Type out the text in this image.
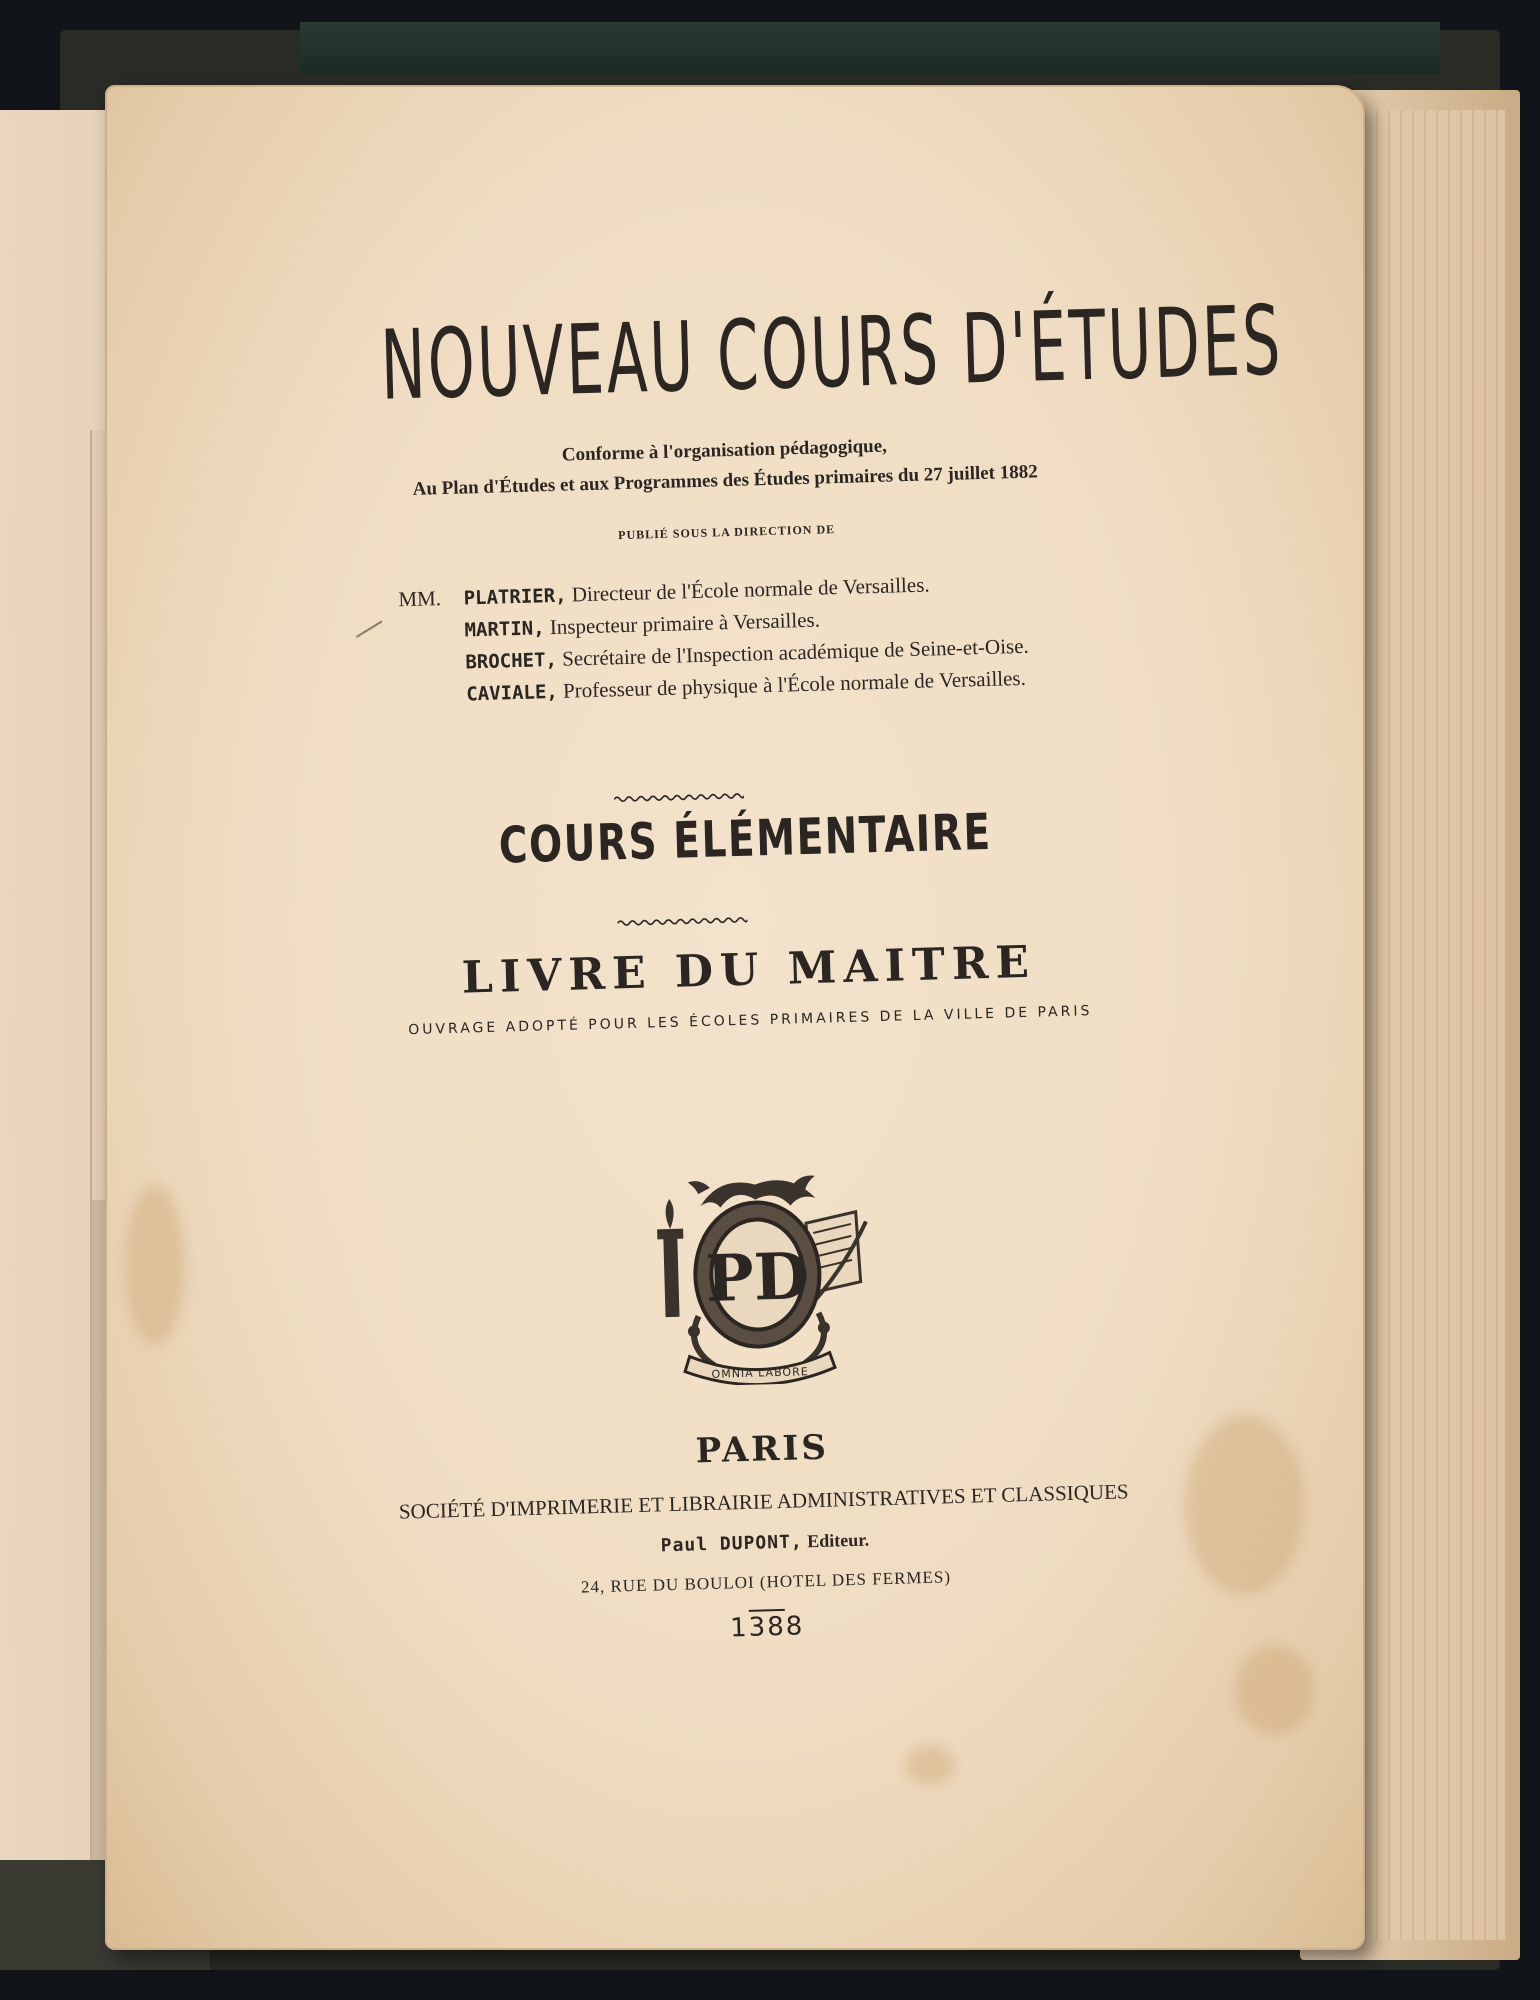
NOUVEAU COURS D'ÉTUDES

Conforme à l'organisation pédagogique,

Au Plan d'Études et aux Programmes des Études primaires du 27 juillet 1882

PUBLIÉ SOUS LA DIRECTION DE

MM. PLATRIER, Directeur de l'École normale de Versailles.
MARTIN, Inspecteur primaire à Versailles.
BROCHET, Secrétaire de l'Inspection académique de Seine-et-Oise.
CAVIALE, Professeur de physique à l'École normale de Versailles.
COURS ÉLÉMENTAIRE
LIVRE DU MAITRE

OUVRAGE ADOPTÉ POUR LES ÉCOLES PRIMAIRES DE LA VILLE DE PARIS

PD
OMNIA LABORE
PARIS

SOCIÉTÉ D'IMPRIMERIE ET LIBRAIRIE ADMINISTRATIVES ET CLASSIQUES

Paul DUPONT, Editeur.

24, RUE DU BOULOI (HOTEL DES FERMES)

1388
